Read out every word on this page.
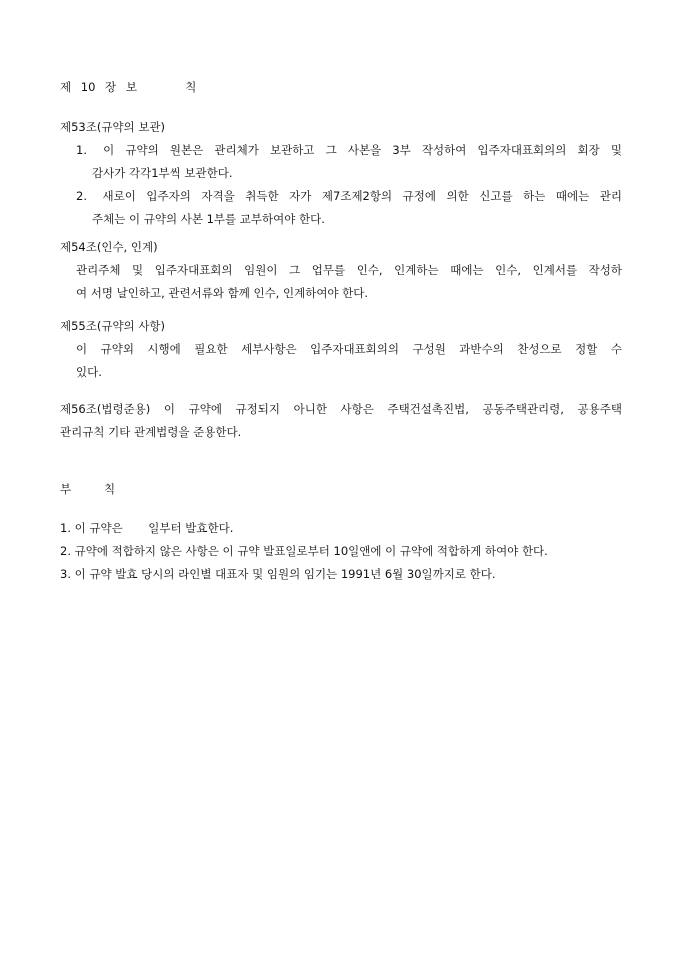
제 10 장 보     칙
제53조(규약의 보관)
1. 이 규약의 원본은 관리체가 보관하고 그 사본을 3부 작성하여 입주자대표회의의 회장 및
감사가 각각1부씩 보관한다.
2. 새로이 입주자의 자격을 취득한 자가 제7조제2항의 규정에 의한 신고를 하는 때에는 관리
주체는 이 규약의 사본 1부를 교부하여야 한다.
제54조(인수, 인계)
관리주체 및 입주자대표회의 임원이 그 업무를 인수, 인계하는 때에는 인수, 인계서를 작성하
여 서명 날인하고, 관련서류와 함께 인수, 인계하여야 한다.
제55조(규약의 사항)
이 규약외 시행에 필요한 세부사항은 입주자대표회의의 구성원 과반수의 찬성으로 정할 수
있다.
제56조(법령준용) 이 규약에 규정되지 아니한 사항은 주택건설촉진법, 공동주택관리령, 공용주택
관리규칙 기타 관계법령을 준용한다.
부         칙
1. 이 규약은       일부터 발효한다.
2. 규약에 적합하지 않은 사항은 이 규약 발표일로부터 10일앤에 이 규약에 적합하게 하여야 한다.
3. 이 규약 발효 당시의 라인별 대표자 및 임원의 임기는 1991년 6월 30일까지로 한다.
